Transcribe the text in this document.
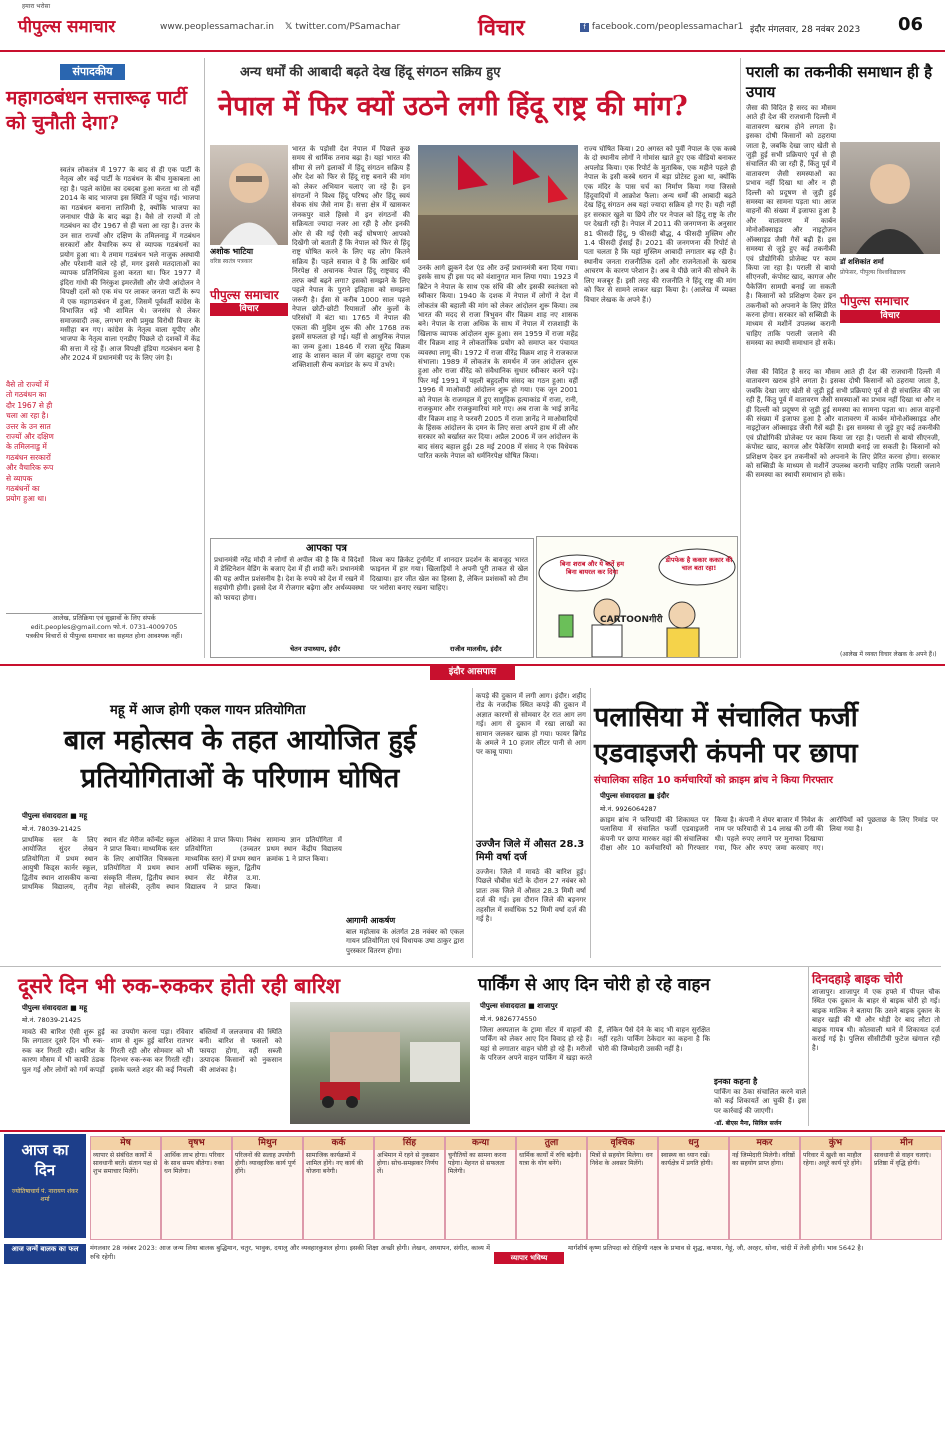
हमारा भरोसा
पीपुल्स समाचार	www.peoplessamachar.in 𝕏 twitter.com/PSamachar	विचार	f facebook.com/peoplessamachar1 इंदौर मंगलवार, 28 नवंबर 2023 06
संपादकीय
महागठबंधन सत्तारूढ़ पार्टी को चुनौती देगा?
स्वतंत्र लोकतंत्र में 1977 के बाद से ही एक पार्टी के नेतृत्व और कई पार्टी के गठबंधन के बीच मुकाबला आ रहा है। पहले कांग्रेस का दबदबा हुआ करता था तो वहीं 2014 के बाद भाजपा इस स्थिति में पहुंच गई। भाजपा का गठबंधन बनाना लाजिमी है, क्योंकि भाजपा का जनाधार पीछे के बाद बढ़ा है। वैसे तो राज्यों में तो गठबंधन का दौर 1967 से ही चला आ रहा है। उत्तर के उन सात राज्यों और दक्षिण के तमिलनाडु में गठबंधन सरकारों और वैचारिक रूप से व्यापक गठबंधनों का प्रयोग हुआ था। ये तमाम गठबंधन भले नाजुक अस्थायी और परेशानी वाले रहे हों, मगर इससे मतदाताओं का व्यापक प्रतिनिधित्व हुआ करता था। फिर 1977 में इंदिरा गांधी की निरंकुश इमरजेंसी और जेपी आंदोलन ने विपक्षी दलों को एक मंच पर लाकर जनता पार्टी के रूप में एक महागठबंधन में हुआ, जिसमें पूर्ववर्ती कांग्रेस के विभाजित धड़े भी शामिल थे। जनसंघ से लेकर समाजवादी तक, लगभग सभी प्रमुख विरोधी विचार के मसीहा बन गए। कांग्रेस के नेतृत्व वाला यूपीए और भाजपा के नेतृत्व वाला एनडीए पिछले दो दशकों में केंद्र की सत्ता में रहे हैं। आज विपक्षी इंडिया गठबंधन बना है और 2024 में प्रधानमंत्री पद के लिए जंग है।
वैसे तो राज्यों में तो गठबंधन का दौर 1967 से ही चला आ रहा है। उत्तर के उन सात राज्यों और दक्षिण के तमिलनाडु में गठबंधन सरकारों और वैचारिक रूप से व्यापक गठबंधनों का प्रयोग हुआ था।
आलेख, प्रतिक्रिया एवं सुझावों के लिए संपर्क
edit.peoples@gmail.com फो.नं. 0731-4009705
पत्रकीय विचारों से पीपुल्स समाचार का सहमत होना आवश्यक नहीं।
अन्य धर्मों की आबादी बढ़ते देख हिंदू संगठन सक्रिय हुए
नेपाल में फिर क्यों उठने लगी हिंदू राष्ट्र की मांग?
अशोक भाटिया
वरिष्ठ स्वतंत्र पत्रकार
पीपुल्स समाचार
विचार
भारत के पड़ोसी देश नेपाल में पिछले कुछ समय से धार्मिक तनाव बढ़ा है। यहां भारत की सीमा से लगे इलाकों में हिंदू संगठन सक्रिय हैं और देश को फिर से हिंदू राष्ट्र बनाने की मांग को लेकर अभियान चलाए जा रहे हैं। इन संगठनों ने विश्व हिंदू परिषद और हिंदू स्वयं सेवक संघ जैसे नाम हैं। सत्ता क्षेत्र में खासकर जनकपुर वाले हिस्से में इन संगठनों की सक्रियता ज्यादा नजर आ रही है और इनकी ओर से की गई ऐसी कई घोषणाएं आपको दिखेंगी जो बताती हैं कि नेपाल को फिर से हिंदू राष्ट्र घोषित करने के लिए यह लोग कितने सक्रिय हैं। पहले सवाल ये है कि आखिर धर्म निरपेक्ष से अचानक नेपाल हिंदू राष्ट्रवाद की तरफ क्यों बढ़ने लगा? इसको समझने के लिए पहले नेपाल के पुराने इतिहास को समझना जरूरी है। ईसा से करीब 1000 साल पहले नेपाल छोटी-छोटी रियासतों और कुलों के परिसंघों में बंटा था। 1765 में नेपाल की एकता की मुहिम शुरू की और 1768 तक इसमें सफलता हो गई। यहीं से आधुनिक नेपाल का जन्म हुआ। 1846 में राजा सुरेंद्र विक्रम शाह के शासन काल में जंग बहादुर राणा एक शक्तिशाली सैन्य कमांडर के रूप में उभरे।
उनके आगे झुकने देश एंड और उन्हें प्रधानमंत्री बना दिया गया। इसके साथ ही इस पद को वंशानुगत मान लिया गया। 1923 में ब्रिटेन ने नेपाल के साथ एक संधि की और इसकी स्वतंत्रता को स्वीकार किया। 1940 के दशक में नेपाल में लोगों ने देश में लोकतंत्र की बहाली की मांग को लेकर आंदोलन शुरू किया। तब भारत की मदद से राजा त्रिभुवन वीर विक्रम शाह नए शासक बने। नेपाल के राजा अधिक के साथ में नेपाल में राजशाही के खिलाफ व्यापक आंदोलन शुरू हुआ। सन 1959 में राजा महेंद्र वीर विक्रम शाह ने लोकतांत्रिक प्रयोग को समाप्त कर पंचायत व्यवस्था लागू की। 1972 में राजा वीरेंद्र विक्रम शाह ने राजकाज संभाला। 1989 में लोकतंत्र के समर्थन में जन आंदोलन शुरू हुआ और राजा वीरेंद्र को संवैधानिक सुधार स्वीकार करने पड़े। फिर मई 1991 में पहली बहुदलीय संसद का गठन हुआ। वहीं 1996 में माओवादी आंदोलन शुरू हो गया। एक जून 2001 को नेपाल के राजमहल में हुए सामूहिक हत्याकांड में राजा, रानी, राजकुमार और राजकुमारियां मारे गए। अब राजा के भाई ज्ञानेंद्र वीर विक्रम शाह ने फरवरी 2005 में राजा ज्ञानेंद्र ने माओवादियों के हिंसक आंदोलन के दमन के लिए सत्ता अपने हाथ में ली और सरकार को बर्खास्त कर दिया। अप्रैल 2006 में जन आंदोलन के बाद संसद बहाल हुई। 28 मई 2008 में संसद ने एक विधेयक पारित करके नेपाल को धर्मनिरपेक्ष घोषित किया।
राज्य घोषित किया। 20 अगस्त को पूर्वी नेपाल के एक कस्बे के दो स्थानीय लोगों ने गोमांस खाते हुए एक वीडियो बनाकर अपलोड किया। एक रिपोर्ट के मुताबिक, एक महीने पहले ही नेपाल के इसी कस्बे धरान में बड़ा प्रोटेस्ट हुआ था, क्योंकि एक मंदिर के पास चर्च का निर्माण किया गया जिससे हिंदूवादियों में आक्रोश फैला। अन्य धर्मों की आबादी बढ़ते देख हिंदू संगठन अब यहां ज्यादा सक्रिय हो गए हैं। यही नहीं हर सरकार खुले या छिपे तौर पर नेपाल को हिंदू राष्ट्र के तौर पर देखती रही है। नेपाल में 2011 की जनगणना के अनुसार 81 फीसदी हिंदू, 9 फीसदी बौद्ध, 4 फीसदी मुस्लिम और 1.4 फीसदी ईसाई हैं। 2021 की जनगणना की रिपोर्ट से पता चलता है कि यहां मुस्लिम आबादी लगातार बढ़ रही है। स्थानीय जनता राजनीतिक दलों और राजनेताओं के खराब आचरण के कारण परेशान है। अब वे पीछे जाने की सोचने के लिए मजबूर हैं। इसी तरह की राजनीति ने हिंदू राष्ट्र की मांग को फिर से सामने लाकर खड़ा किया है। (आलेख में व्यक्त विचार लेखक के अपने हैं।)
आपका पत्र
प्रधानमंत्री नरेंद्र मोदी ने लोगों से अपील की है कि वे विदेशों में डेस्टिनेशन वेडिंग के बजाए देश में ही शादी करें। प्रधानमंत्री की यह अपील प्रशंसनीय है। देश के रुपये को देश में रखने में सहयोगी होगी। इससे देश में रोजगार बढ़ेगा और अर्थव्यवस्था को फायदा होगा।
चेतन उपाध्याय, इंदौर
विश्व कप क्रिकेट टूर्नामेंट में शानदार प्रदर्शन के बावजूद भारत फाइनल में हार गया। खिलाड़ियों ने अपनी पूरी ताकत से खेल दिखाया। हार जीत खेल का हिस्सा है, लेकिन प्रशंसकों को टीम पर भरोसा बनाए रखना चाहिए।
राजीव मालवीय, इंदौर
बिना शराब और ये बातें हम बिना बायरल कर दिया
डीपफेक है ककार ककार की चाल बता रहा!
CARTOONगीरी
पराली का तकनीकी समाधान ही है उपाय
जैसा की विदित है सरद का मौसम आते ही देश की राजधानी दिल्ली में वातावरण खराब होने लगता है। इसका दोषी किसानों को ठहराया जाता है, जबकि देखा जाए खेती से जुड़ी हुई सभी प्रक्रियाएं पूर्व से ही संचालित की जा रही हैं, किंतु पूर्व में वातावरण जैसी समस्याओं का प्रभाव नहीं दिखा था और न ही दिल्ली को प्रदूषण से जुड़ी हुई समस्या का सामना पड़ता था। आज वाहनों की संख्या में इजाफा हुआ है और वातावरण में कार्बन मोनोऑक्साइड और नाइट्रोजन ऑक्साइड जैसी गैसें बढ़ी हैं। इस समस्या से जुड़े हुए कई तकनीकी एवं प्रौद्योगिकी प्रोजेक्ट पर काम किया जा रहा है। पराली से बायो सीएनजी, कंपोस्ट खाद, कागज और पैकेजिंग सामग्री बनाई जा सकती है। किसानों को प्रशिक्षण देकर इन तकनीकों को अपनाने के लिए प्रेरित करना होगा। सरकार को सब्सिडी के माध्यम से मशीनें उपलब्ध करानी चाहिए ताकि पराली जलाने की समस्या का स्थायी समाधान हो सके।
डॉ शशिकांत शर्मा
प्रोफेसर, पीपुल्स विश्वविद्यालय
पीपुल्स समाचार
विचार
जैसा की विदित है सरद का मौसम आते ही देश की राजधानी दिल्ली में वातावरण खराब होने लगता है। इसका दोषी किसानों को ठहराया जाता है, जबकि देखा जाए खेती से जुड़ी हुई सभी प्रक्रियाएं पूर्व से ही संचालित की जा रही हैं, किंतु पूर्व में वातावरण जैसी समस्याओं का प्रभाव नहीं दिखा था और न ही दिल्ली को प्रदूषण से जुड़ी हुई समस्या का सामना पड़ता था। आज वाहनों की संख्या में इजाफा हुआ है और वातावरण में कार्बन मोनोऑक्साइड और नाइट्रोजन ऑक्साइड जैसी गैसें बढ़ी हैं। इस समस्या से जुड़े हुए कई तकनीकी एवं प्रौद्योगिकी प्रोजेक्ट पर काम किया जा रहा है। पराली से बायो सीएनजी, कंपोस्ट खाद, कागज और पैकेजिंग सामग्री बनाई जा सकती है। किसानों को प्रशिक्षण देकर इन तकनीकों को अपनाने के लिए प्रेरित करना होगा। सरकार को सब्सिडी के माध्यम से मशीनें उपलब्ध करानी चाहिए ताकि पराली जलाने की समस्या का स्थायी समाधान हो सके।
(आलेख में व्यक्त विचार लेखक के अपने हैं।)
इंदौर आसपास
महू में आज होगी एकल गायन प्रतियोगिता
बाल महोत्सव के तहत आयोजित हुई प्रतियोगिताओं के परिणाम घोषित
पीपुल्स संवाददाता ■ महू
मो.नं. 78039-21425
प्राथमिक स्तर के लिए आयोजित सुंदर लेखन प्रतियोगिता में प्रथम स्थान आयुषी किड्स कार्नर स्कूल, द्वितीय स्थान शासकीय कन्या प्राथमिक विद्यालय, तृतीय स्थान सेंट मेरीज कॉन्वेंट स्कूल ने प्राप्त किया। माध्यमिक स्तर के लिए आयोजित चित्रकला प्रतियोगिता में प्रथम स्थान संस्कृति नीलम, द्वितीय स्थान नेहा सोलंकी, तृतीय स्थान अंशिका ने प्राप्त किया। निबंध प्रतियोगिता (उच्चतर माध्यमिक स्तर) में प्रथम स्थान आर्मी पब्लिक स्कूल, द्वितीय स्थान सेंट मेरीज उ.मा. विद्यालय ने प्राप्त किया। सामान्य ज्ञान प्रतियोगिता में प्रथम स्थान केंद्रीय विद्यालय क्रमांक 1 ने प्राप्त किया।
आगामी आकर्षण
बाल महोत्सव के अंतर्गत 28 नवंबर को एकल गायन प्रतियोगिता एवं विधायक उषा ठाकुर द्वारा पुरस्कार वितरण होगा।
कपड़े की दुकान में लगी आग। इंदौर। शहीद रोड के नजदीक स्थित कपड़े की दुकान में अज्ञात कारणों से सोमवार देर रात आग लग गई। आग से दुकान में रखा लाखों का सामान जलकर खाक हो गया। फायर ब्रिगेड के अमले ने 10 हजार लीटर पानी से आग पर काबू पाया।
उज्जैन जिले में औसत 28.3 मिमी वर्षा दर्ज
उज्जैन। जिले में मावठे की बारिश हुई। पिछले चौबीस घंटों के दौरान 27 नवंबर को प्रातः तक जिले में औसत 28.3 मिमी वर्षा दर्ज की गई। इस दौरान जिले की बड़नगर तहसील में सर्वाधिक 52 मिमी वर्षा दर्ज की गई है।
पलासिया में संचालित फर्जी एडवाइजरी कंपनी पर छापा
संचालिका सहित 10 कर्मचारियों को क्राइम ब्रांच ने किया गिरफ्तार
पीपुल्स संवाददाता ■ इंदौर
मो.नं. 9926064287
क्राइम ब्रांच ने फरियादी की शिकायत पर पलासिया में संचालित फर्जी एडवाइजरी कंपनी पर छापा मारकर वहां की संचालिका दीक्षा और 10 कर्मचारियों को गिरफ्तार किया है। कंपनी ने शेयर बाजार में निवेश के नाम पर फरियादी से 14 लाख की ठगी की थी। पहले रुपए लगाने पर मुनाफा दिखाया गया, फिर और रुपए जमा करवाए गए। आरोपियों को पूछताछ के लिए रिमांड पर लिया गया है।
दूसरे दिन भी रुक-रुककर होती रही बारिश
पीपुल्स संवाददाता ■ महू
मो.नं. 78039-21425
मावठे की बारिश ऐसी शुरू हुई कि लगातार दूसरे दिन भी रुक-रुक कर गिरती रही। बारिश के कारण मौसम में भी काफी ठंडक घुल गई और लोगों को गर्म कपड़ों का उपयोग करना पड़ा। रविवार शाम से शुरू हुई बारिश रातभर गिरती रही और सोमवार को भी दिनभर रुक-रुक कर गिरती रही। इसके चलते शहर की कई निचली बस्तियों में जलजमाव की स्थिति बनी। बारिश से फसलों को फायदा होगा, वहीं सब्जी उत्पादक किसानों को नुकसान की आशंका है।
पार्किंग से आए दिन चोरी हो रहे वाहन
पीपुल्स संवाददाता ■ शाजापुर
मो.नं. 9826774550
जिला अस्पताल के ट्रामा सेंटर में वाहनों की पार्किंग को लेकर आए दिन विवाद हो रहे हैं। यहां से लगातार वाहन चोरी हो रहे हैं। मरीजों के परिजन अपने वाहन पार्किंग में खड़ा करते हैं, लेकिन पैसे देने के बाद भी वाहन सुरक्षित नहीं रहते। पार्किंग ठेकेदार का कहना है कि चोरी की जिम्मेदारी उसकी नहीं है।
इनका कहना है
पार्किंग का ठेका संचालित करने वाले को कई शिकायतें आ चुकी हैं। इस पर कार्रवाई की जाएगी।
-डॉ. बीएस मैना, सिविल सर्जन
दिनदहाड़े बाइक चोरी
शाजापुर। शाजापुर में एक हफ्ते में पीपल चौक स्थित एक दुकान के बाहर से बाइक चोरी हो गई। बाइक मालिक ने बताया कि उसने बाइक दुकान के बाहर खड़ी की थी और थोड़ी देर बाद लौटा तो बाइक गायब थी। कोतवाली थाने में शिकायत दर्ज कराई गई है। पुलिस सीसीटीवी फुटेज खंगाल रही है।
आज का
दिन
ज्योतिषाचार्य पं. नारायण शंकर शर्मा
मेष
व्यापार से संबंधित कार्यों में सावधानी बरतें। संतान पक्ष से शुभ समाचार मिलेंगे।
वृषभ
आर्थिक लाभ होगा। परिवार के साथ समय बीतेगा। रुका धन मिलेगा।
मिथुन
परिजनों की सलाह उपयोगी होगी। व्यावहारिक कार्य पूर्ण होंगे।
कर्क
सामाजिक कार्यक्रमों में शामिल होंगे। नए कार्य की योजना बनेगी।
सिंह
अभिमान में रहने से नुकसान होगा। सोच-समझकर निर्णय लें।
कन्या
चुनौतियों का सामना करना पड़ेगा। मेहनत से सफलता मिलेगी।
तुला
धार्मिक कार्यों में रुचि बढ़ेगी। यात्रा के योग बनेंगे।
वृश्चिक
मित्रों से सहयोग मिलेगा। धन निवेश के अवसर मिलेंगे।
धनु
स्वास्थ्य का ध्यान रखें। कार्यक्षेत्र में प्रगति होगी।
मकर
नई जिम्मेदारी मिलेगी। वरिष्ठों का सहयोग प्राप्त होगा।
कुंभ
परिवार में खुशी का माहौल रहेगा। अधूरे कार्य पूरे होंगे।
मीन
सावधानी से वाहन चलाएं। प्रतिष्ठा में वृद्धि होगी।
आज जन्में बालक का फल	मंगलवार 28 नवंबर 2023: आज जन्म लिया बालक बुद्धिमान, चतुर, भावुक, दयालु और व्यवहारकुशल होगा। इसकी शिक्षा अच्छी होगी। लेखन, अध्यापन, संगीत, काव्य में रुचि रहेगी।	व्यापार भविष्य
मार्गशीर्ष कृष्ण प्रतिपदा को रोहिणी नक्षत्र के प्रभाव से शुद्ध, कपास, गेहूं, जौ, अरहर, सोना, चांदी में तेजी होगी। भाव 5642 है।
